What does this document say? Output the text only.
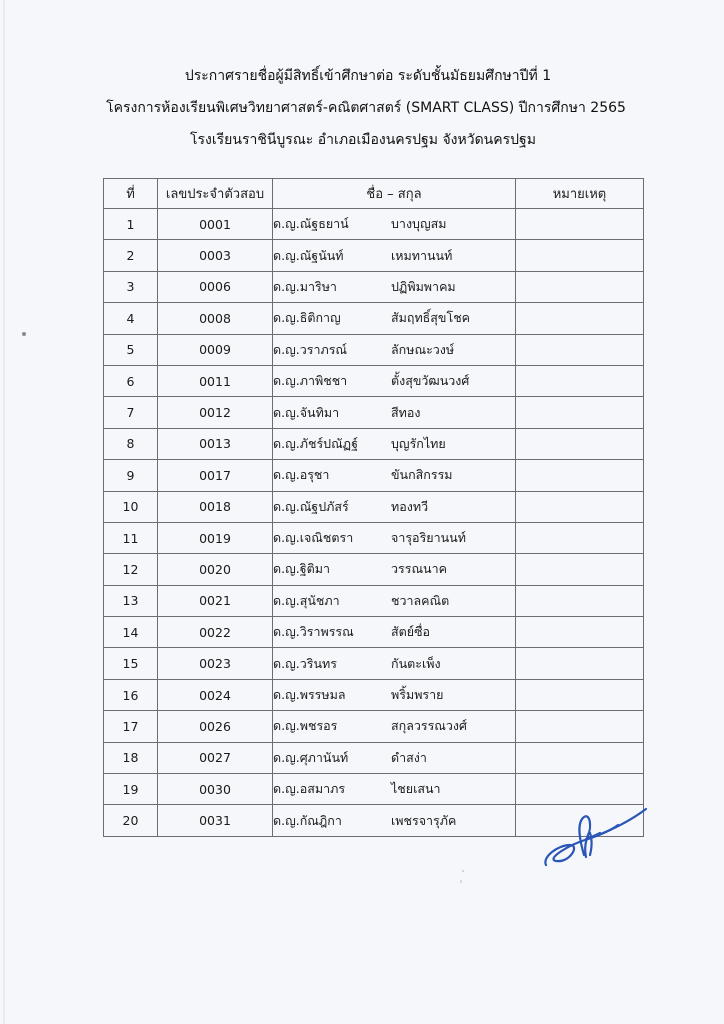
ประกาศรายชื่อผู้มีสิทธิ์เข้าศึกษาต่อ ระดับชั้นมัธยมศึกษาปีที่ 1
โครงการห้องเรียนพิเศษวิทยาศาสตร์-คณิตศาสตร์ (SMART CLASS) ปีการศึกษา 2565
โรงเรียนราชินีบูรณะ อำเภอเมืองนครปฐม จังหวัดนครปฐม
ที่	เลขประจำตัวสอบ	ชื่อ – สกุล	หมายเหตุ
1	0001	ด.ญ.ณัฐธยาน์ บางบุญสม	
2	0003	ด.ญ.ณัฐนันท์ เหมทานนท์	
3	0006	ด.ญ.มาริษา ปฏิพิมพาคม	
4	0008	ด.ญ.ธิติกาญ สัมฤทธิ์สุขโชค	
5	0009	ด.ญ.วราภรณ์ ลักษณะวงษ์	
6	0011	ด.ญ.ภาพิชชา ตั้งสุขวัฒนวงศ์	
7	0012	ด.ญ.จันทิมา สีทอง	
8	0013	ด.ญ.ภัชร์ปณัฏฐ์ บุญรักไทย	
9	0017	ด.ญ.อรุชา ขันกสิกรรม	
10	0018	ด.ญ.ณัฐปภัสร์ ทองทวี	
11	0019	ด.ญ.เจณิชตรา จารุอริยานนท์	
12	0020	ด.ญ.ฐิติมา วรรณนาค	
13	0021	ด.ญ.สุนัชภา ชวาลคณิต	
14	0022	ด.ญ.วิราพรรณ สัตย์ซื่อ	
15	0023	ด.ญ.วรินทร กันตะเพ็ง	
16	0024	ด.ญ.พรรษมล พริ้มพราย	
17	0026	ด.ญ.พชรอร สกุลวรรณวงศ์	
18	0027	ด.ญ.ศุภานันท์ ดำสง่า	
19	0030	ด.ญ.อสมาภร ไชยเสนา	
20	0031	ด.ญ.กัณฎิกา เพชรจารุภัค	
